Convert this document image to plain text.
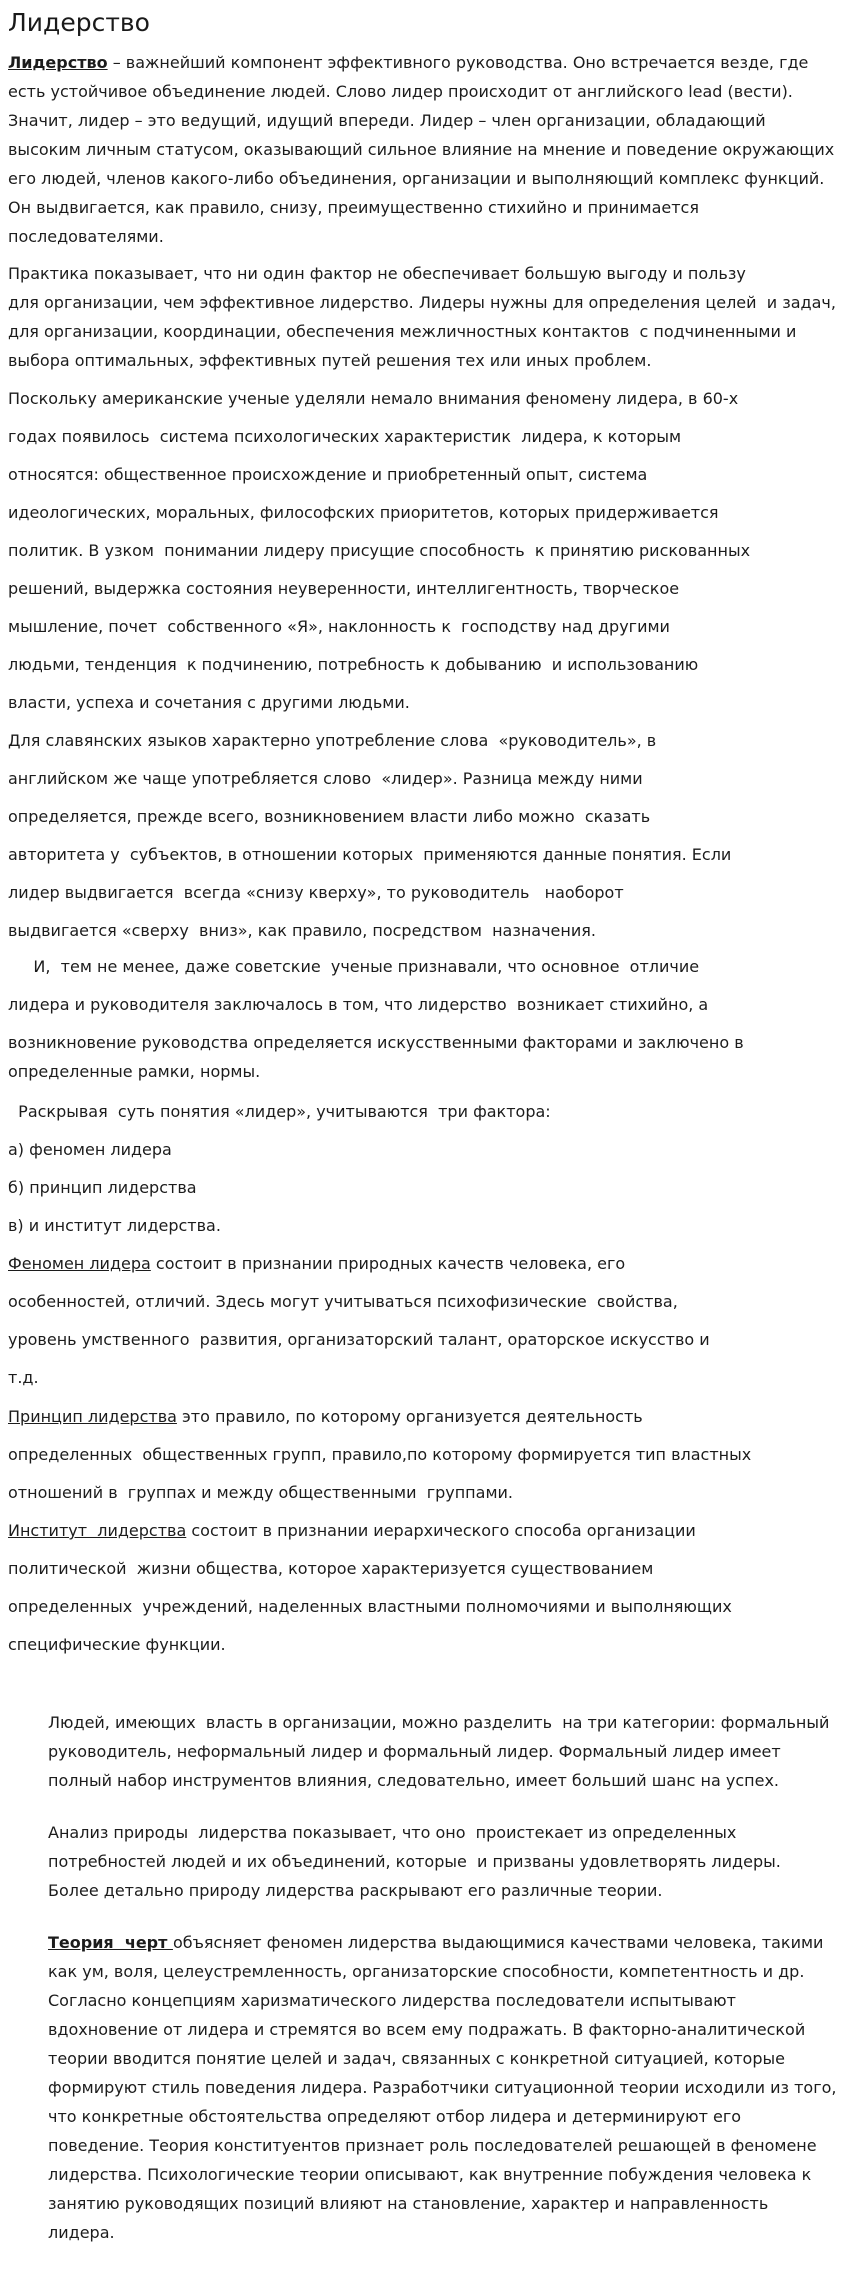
Лидерство

Лидерство – важнейший компонент эффективного руководства. Оно встречается везде, где
есть устойчивое объединение людей. Слово лидер происходит от английского lead (вести).
Значит, лидер – это ведущий, идущий впереди. Лидер – член организации, обладающий
высоким личным статусом, оказывающий сильное влияние на мнение и поведение окружающих
его людей, членов какого-либо объединения, организации и выполняющий комплекс функций.
Он выдвигается, как правило, снизу, преимущественно стихийно и принимается
последователями.

Практика показывает, что ни один фактор не обеспечивает большую выгоду и пользу
для организации, чем эффективное лидерство. Лидеры нужны для определения целей  и задач,
для организации, координации, обеспечения межличностных контактов  с подчиненными и
выбора оптимальных, эффективных путей решения тех или иных проблем.

Поскольку американские ученые уделяли немало внимания феномену лидера, в 60-х
годах появилось  система психологических характеристик  лидера, к которым
относятся: общественное происхождение и приобретенный опыт, система
идеологических, моральных, философских приоритетов, которых придерживается
политик. В узком  понимании лидеру присущие способность  к принятию рискованных
решений, выдержка состояния неуверенности, интеллигентность, творческое
мышление, почет  собственного «Я», наклонность к  господству над другими
людьми, тенденция  к подчинению, потребность к добыванию  и использованию
власти, успеха и сочетания с другими людьми.

Для славянских языков характерно употребление слова  «руководитель», в
английском же чаще употребляется слово  «лидер». Разница между ними
определяется, прежде всего, возникновением власти либо можно  сказать
авторитета у  субъектов, в отношении которых  применяются данные понятия. Если
лидер выдвигается  всегда «снизу кверху», то руководитель   наоборот
выдвигается «сверху  вниз», как правило, посредством  назначения.

И,  тем не менее, даже советские  ученые признавали, что основное  отличие
лидера и руководителя заключалось в том, что лидерство  возникает стихийно, а
возникновение руководства определяется искусственными факторами и заключено в
определенные рамки, нормы.

Раскрывая  суть понятия «лидер», учитываются  три фактора:
а) феномен лидера
б) принцип лидерства
в) и институт лидерства.

Феномен лидера состоит в признании природных качеств человека, его
особенностей, отличий. Здесь могут учитываться психофизические  свойства,
уровень умственного  развития, организаторский талант, ораторское искусство и
т.д.

Принцип лидерства это правило, по которому организуется деятельность
определенных  общественных групп, правило,по которому формируется тип властных
отношений в  группах и между общественными  группами.

Институт  лидерства состоит в признании иерархического способа организации
политической  жизни общества, которое характеризуется существованием
определенных  учреждений, наделенных властными полномочиями и выполняющих
специфические функции.

Людей, имеющих  власть в организации, можно разделить  на три категории: формальный
руководитель, неформальный лидер и формальный лидер. Формальный лидер имеет
полный набор инструментов влияния, следовательно, имеет больший шанс на успех.

Анализ природы  лидерства показывает, что оно  проистекает из определенных
потребностей людей и их объединений, которые  и призваны удовлетворять лидеры.
Более детально природу лидерства раскрывают его различные теории.

Теория  черт объясняет феномен лидерства выдающимися качествами человека, такими
как ум, воля, целеустремленность, организаторские способности, компетентность и др.
Согласно концепциям харизматического лидерства последователи испытывают
вдохновение от лидера и стремятся во всем ему подражать. В факторно-аналитической
теории вводится понятие целей и задач, связанных с конкретной ситуацией, которые
формируют стиль поведения лидера. Разработчики ситуационной теории исходили из того,
что конкретные обстоятельства определяют отбор лидера и детерминируют его
поведение. Теория конституентов признает роль последователей решающей в феномене
лидерства. Психологические теории описывают, как внутренние побуждения человека к
занятию руководящих позиций влияют на становление, характер и направленность
лидера.
